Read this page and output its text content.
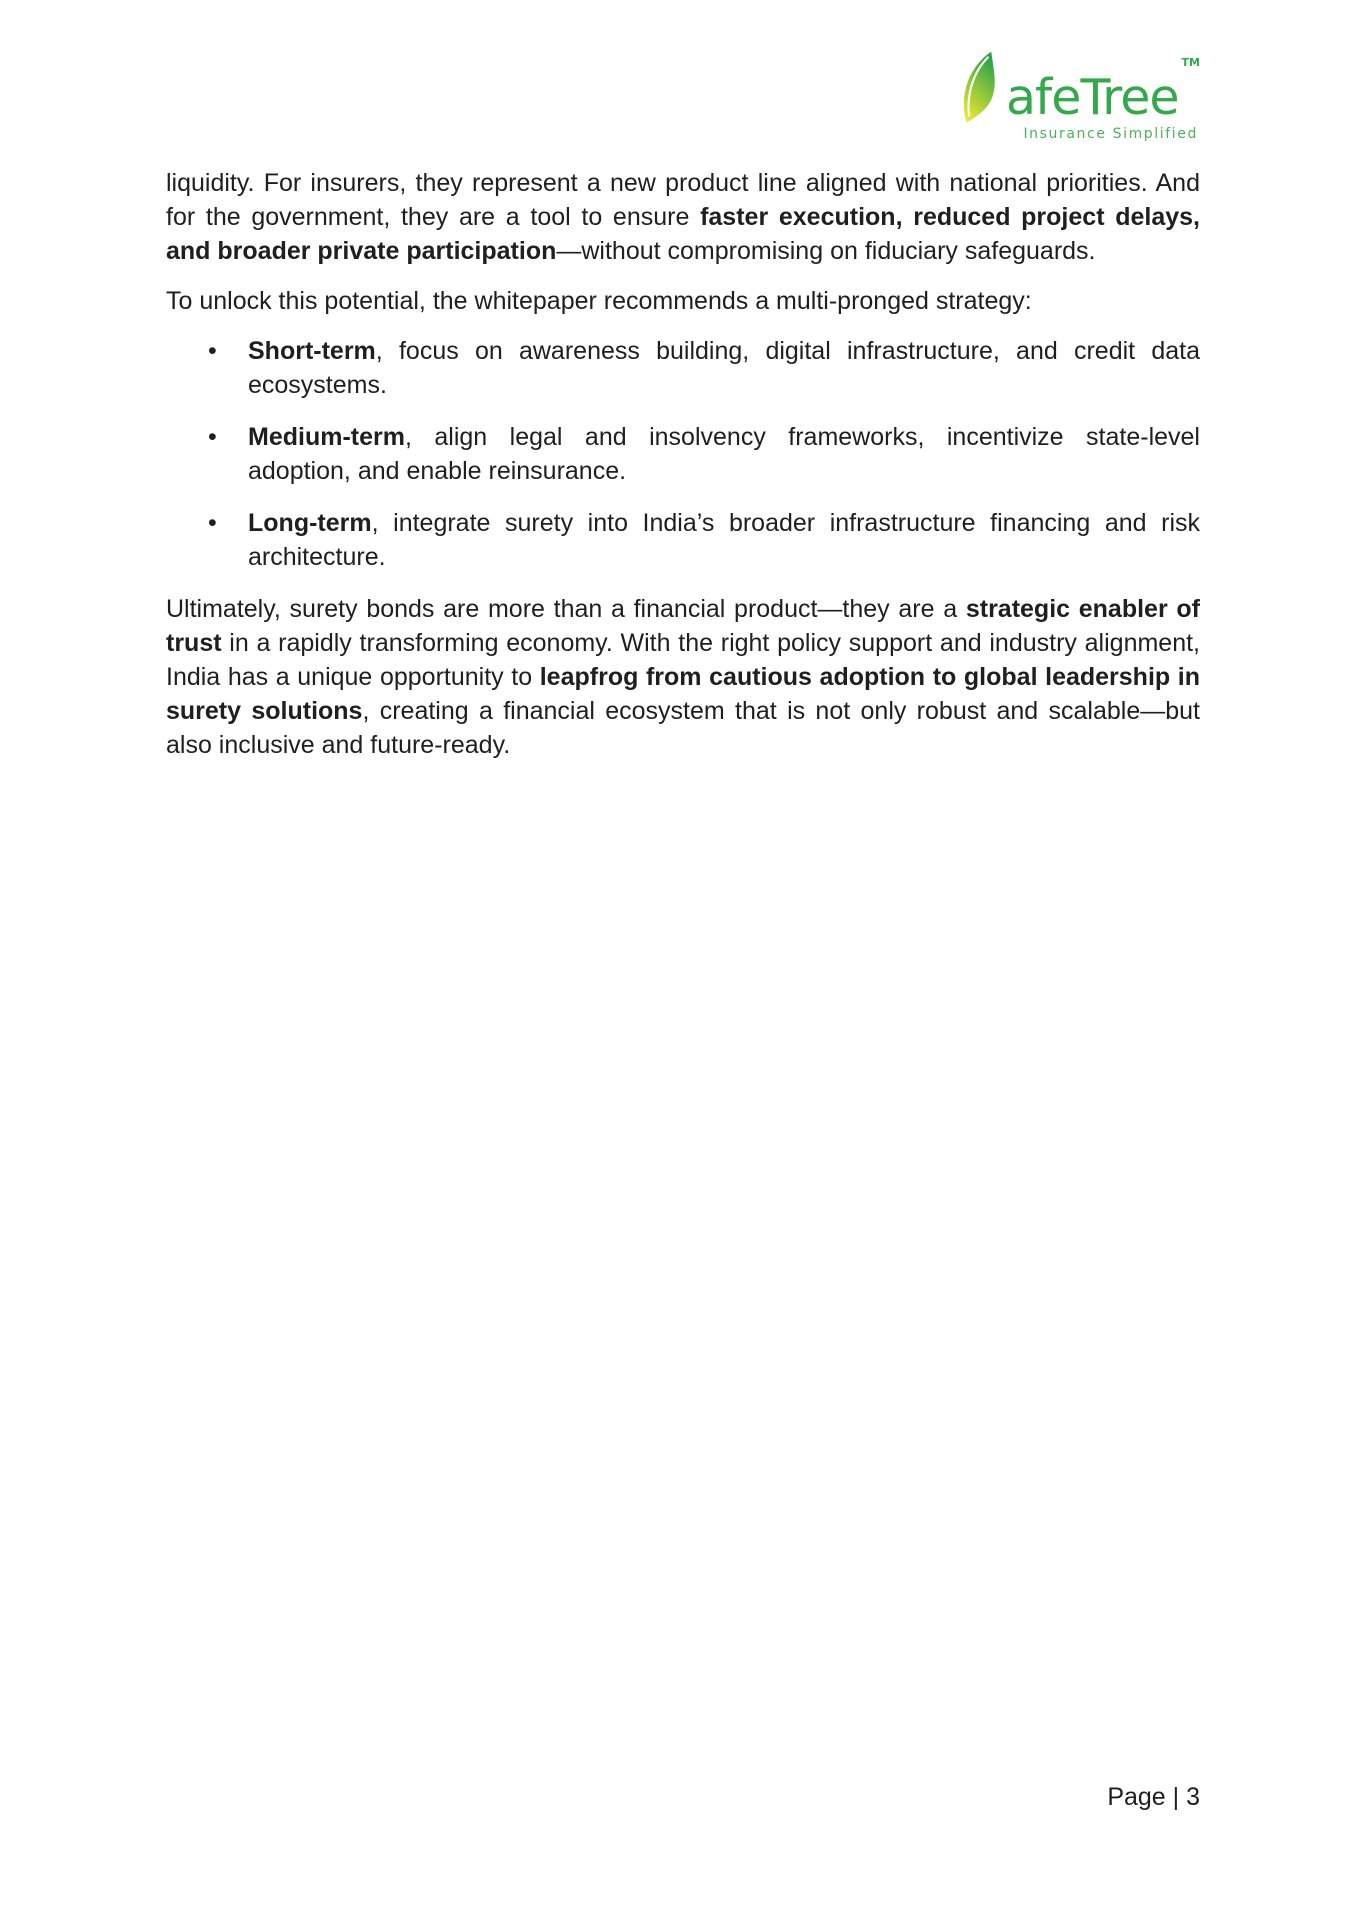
afeTree
TM
Insurance Simplified

liquidity. For insurers, they represent a new product line aligned with national priorities. And for the government, they are a tool to ensure faster execution, reduced project delays, and broader private participation—without compromising on fiduciary safeguards.

To unlock this potential, the whitepaper recommends a multi-pronged strategy:

• Short-term, focus on awareness building, digital infrastructure, and credit data ecosystems.
• Medium-term, align legal and insolvency frameworks, incentivize state-level adoption, and enable reinsurance.
• Long-term, integrate surety into India’s broader infrastructure financing and risk architecture.

Ultimately, surety bonds are more than a financial product—they are a strategic enabler of trust in a rapidly transforming economy. With the right policy support and industry alignment, India has a unique opportunity to leapfrog from cautious adoption to global leadership in surety solutions, creating a financial ecosystem that is not only robust and scalable—but also inclusive and future-ready.

Page | 3
